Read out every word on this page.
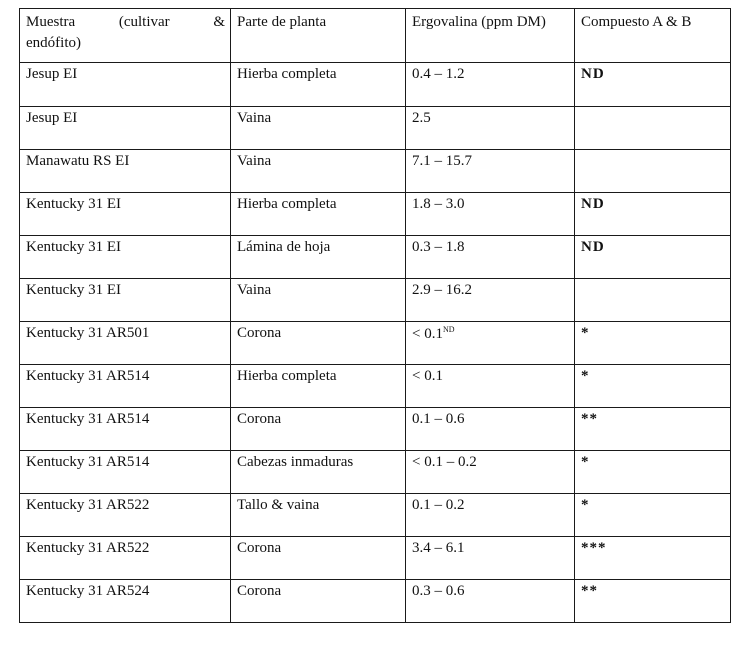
Muestra (cultivar &
endófito)	Parte de planta	Ergovalina (ppm DM)	Compuesto A & B
Jesup EI	Hierba completa	0.4 – 1.2	ND
Jesup EI	Vaina	2.5	
Manawatu RS EI	Vaina	7.1 – 15.7	
Kentucky 31 EI	Hierba completa	1.8 – 3.0	ND
Kentucky 31 EI	Lámina de hoja	0.3 – 1.8	ND
Kentucky 31 EI	Vaina	2.9 – 16.2	
Kentucky 31 AR501	Corona	< 0.1ND	*
Kentucky 31 AR514	Hierba completa	< 0.1	*
Kentucky 31 AR514	Corona	0.1 – 0.6	**
Kentucky 31 AR514	Cabezas inmaduras	< 0.1 – 0.2	*
Kentucky 31 AR522	Tallo & vaina	0.1 – 0.2	*
Kentucky 31 AR522	Corona	3.4 – 6.1	***
Kentucky 31 AR524	Corona	0.3 – 0.6	**
